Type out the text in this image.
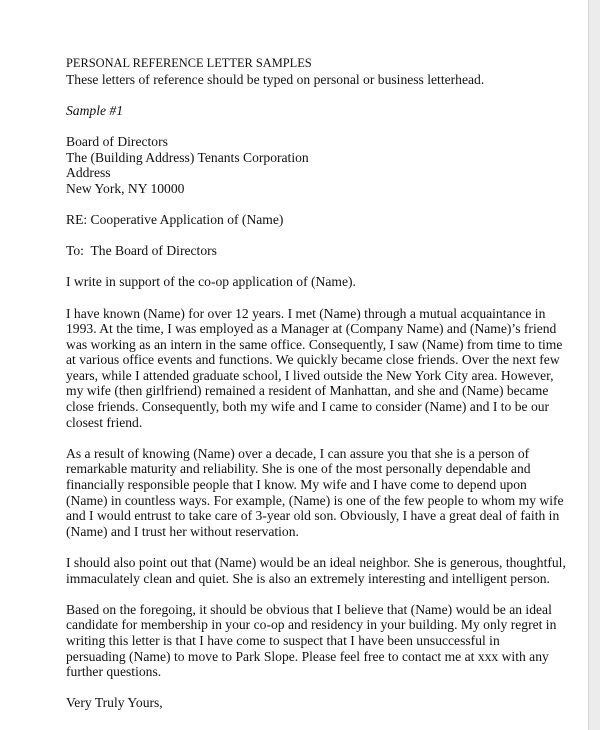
PERSONAL REFERENCE LETTER SAMPLES
These letters of reference should be typed on personal or business letterhead.
Sample #1
Board of Directors
The (Building Address) Tenants Corporation
Address
New York, NY 10000
RE: Cooperative Application of (Name)
To:  The Board of Directors
I write in support of the co-op application of (Name).
I have known (Name) for over 12 years. I met (Name) through a mutual acquaintance in
1993. At the time, I was employed as a Manager at (Company Name) and (Name)’s friend
was working as an intern in the same office. Consequently, I saw (Name) from time to time
at various office events and functions. We quickly became close friends. Over the next few
years, while I attended graduate school, I lived outside the New York City area. However,
my wife (then girlfriend) remained a resident of Manhattan, and she and (Name) became
close friends. Consequently, both my wife and I came to consider (Name) and I to be our
closest friend.
As a result of knowing (Name) over a decade, I can assure you that she is a person of
remarkable maturity and reliability. She is one of the most personally dependable and
financially responsible people that I know. My wife and I have come to depend upon
(Name) in countless ways. For example, (Name) is one of the few people to whom my wife
and I would entrust to take care of 3-year old son. Obviously, I have a great deal of faith in
(Name) and I trust her without reservation.
I should also point out that (Name) would be an ideal neighbor. She is generous, thoughtful,
immaculately clean and quiet. She is also an extremely interesting and intelligent person.
Based on the foregoing, it should be obvious that I believe that (Name) would be an ideal
candidate for membership in your co-op and residency in your building. My only regret in
writing this letter is that I have come to suspect that I have been unsuccessful in
persuading (Name) to move to Park Slope. Please feel free to contact me at xxx with any
further questions.
Very Truly Yours,
